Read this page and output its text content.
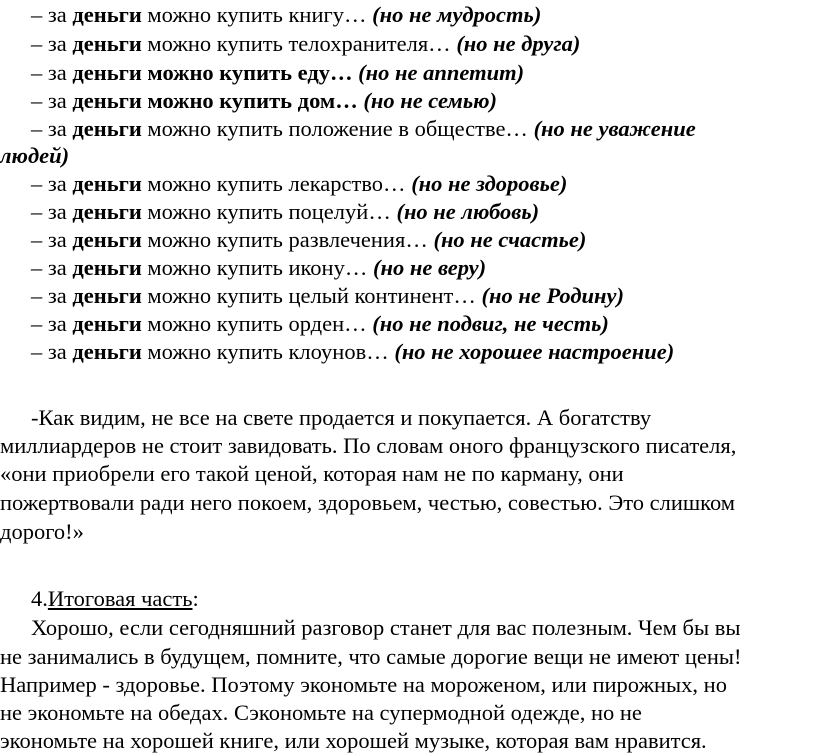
– за деньги можно купить книгу… (но не мудрость)
– за деньги можно купить телохранителя… (но не друга)
– за деньги можно купить еду… (но не аппетит)
– за деньги можно купить дом… (но не семью)
– за деньги можно купить положение в обществе… (но не уважение
людей)
– за деньги можно купить лекарство… (но не здоровье)
– за деньги можно купить поцелуй… (но не любовь)
– за деньги можно купить развлечения… (но не счастье)
– за деньги можно купить икону… (но не веру)
– за деньги можно купить целый континент… (но не Родину)
– за деньги можно купить орден… (но не подвиг, не честь)
– за деньги можно купить клоунов… (но не хорошее настроение)
-Как видим, не все на свете продается и покупается. А богатству
миллиардеров не стоит завидовать. По словам оного французского писателя,
«они приобрели его такой ценой, которая нам не по карману, они
пожертвовали ради него покоем, здоровьем, честью, совестью. Это слишком
дорого!»
4.Итоговая часть:
Хорошо, если сегодняшний разговор станет для вас полезным. Чем бы вы
не занимались в будущем, помните, что самые дорогие вещи не имеют цены!
Например - здоровье. Поэтому экономьте на мороженом, или пирожных, но
не экономьте на обедах. Сэкономьте на супермодной одежде, но не
экономьте на хорошей книге, или хорошей музыке, которая вам нравится.
